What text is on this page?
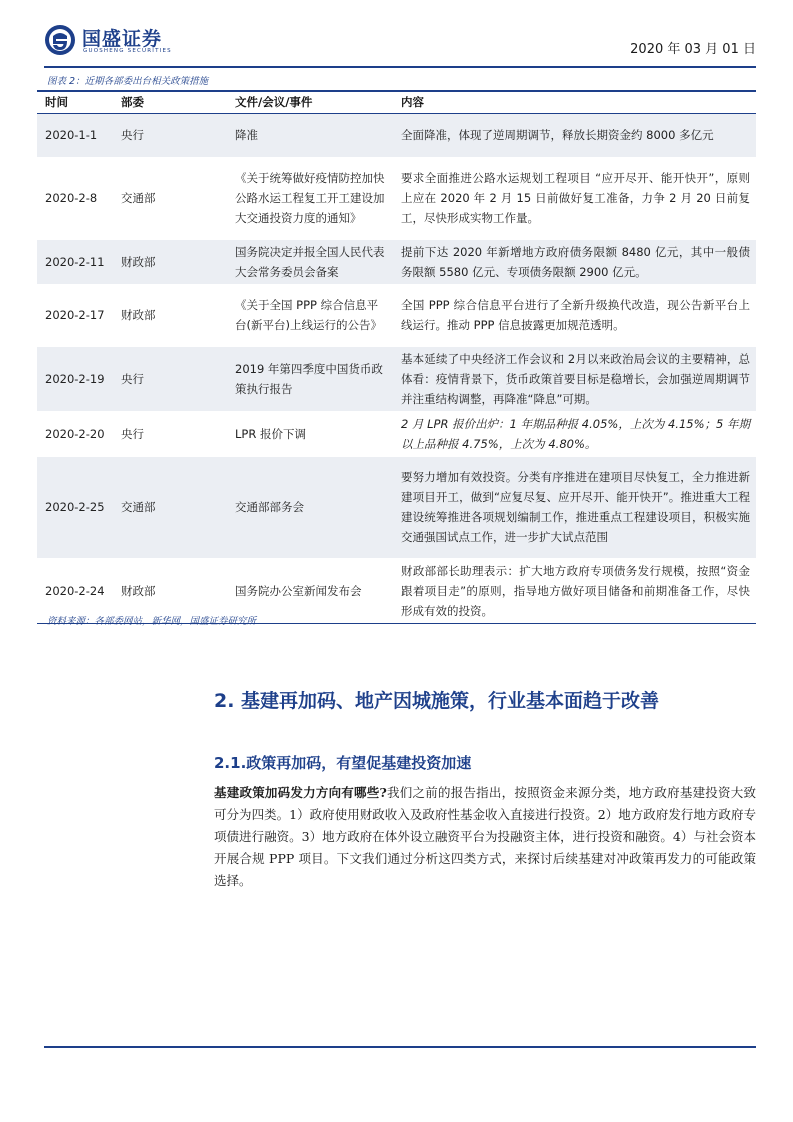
国盛证券
GUOSHENG SECURITIES	2020 年 03 月 01 日
图表 2：近期各部委出台相关政策措施
时间	部委	文件/会议/事件	内容
2020-1-1	央行	降准	全面降准，体现了逆周期调节，释放长期资金约 8000 多亿元
2020-2-8	交通部	《关于统筹做好疫情防控加快公路水运工程复工开工建设加大交通投资力度的通知》	要求全面推进公路水运规划工程项目 “应开尽开、能开快开”，原则上应在 2020 年 2 月 15 日前做好复工准备，力争 2 月 20 日前复工，尽快形成实物工作量。
2020-2-11	财政部	国务院决定并报全国人民代表大会常务委员会备案	提前下达 2020 年新增地方政府债务限额 8480 亿元，其中一般债务限额 5580 亿元、专项债务限额 2900 亿元。
2020-2-17	财政部	《关于全国 PPP 综合信息平台(新平台)上线运行的公告》	全国 PPP 综合信息平台进行了全新升级换代改造，现公告新平台上线运行。推动 PPP 信息披露更加规范透明。
2020-2-19	央行	2019 年第四季度中国货币政策执行报告	基本延续了中央经济工作会议和 2月以来政治局会议的主要精神，总体看：疫情背景下，货币政策首要目标是稳增长，会加强逆周期调节并注重结构调整，再降准“降息”可期。
2020-2-20	央行	LPR 报价下调	2 月 LPR 报价出炉：1 年期品种报 4.05%，上次为 4.15%；5 年期以上品种报 4.75%，上次为 4.80%。
2020-2-25	交通部	交通部部务会	要努力增加有效投资。分类有序推进在建项目尽快复工，全力推进新建项目开工，做到“应复尽复、应开尽开、能开快开”。推进重大工程建设统筹推进各项规划编制工作，推进重点工程建设项目，积极实施交通强国试点工作，进一步扩大试点范围
2020-2-24	财政部	国务院办公室新闻发布会	财政部部长助理表示：扩大地方政府专项债务发行规模，按照“资金跟着项目走”的原则，指导地方做好项目储备和前期准备工作，尽快形成有效的投资。
资料来源：各部委网站，新华网，国盛证券研究所
2. 基建再加码、地产因城施策，行业基本面趋于改善
2.1.政策再加码，有望促基建投资加速

基建政策加码发力方向有哪些?我们之前的报告指出，按照资金来源分类，地方政府基建投资大致可分为四类。1）政府使用财政收入及政府性基金收入直接进行投资。2）地方政府发行地方政府专项债进行融资。3）地方政府在体外设立融资平台为投融资主体，进行投资和融资。4）与社会资本开展合规 PPP 项目。下文我们通过分析这四类方式，来探讨后续基建对冲政策再发力的可能政策选择。
